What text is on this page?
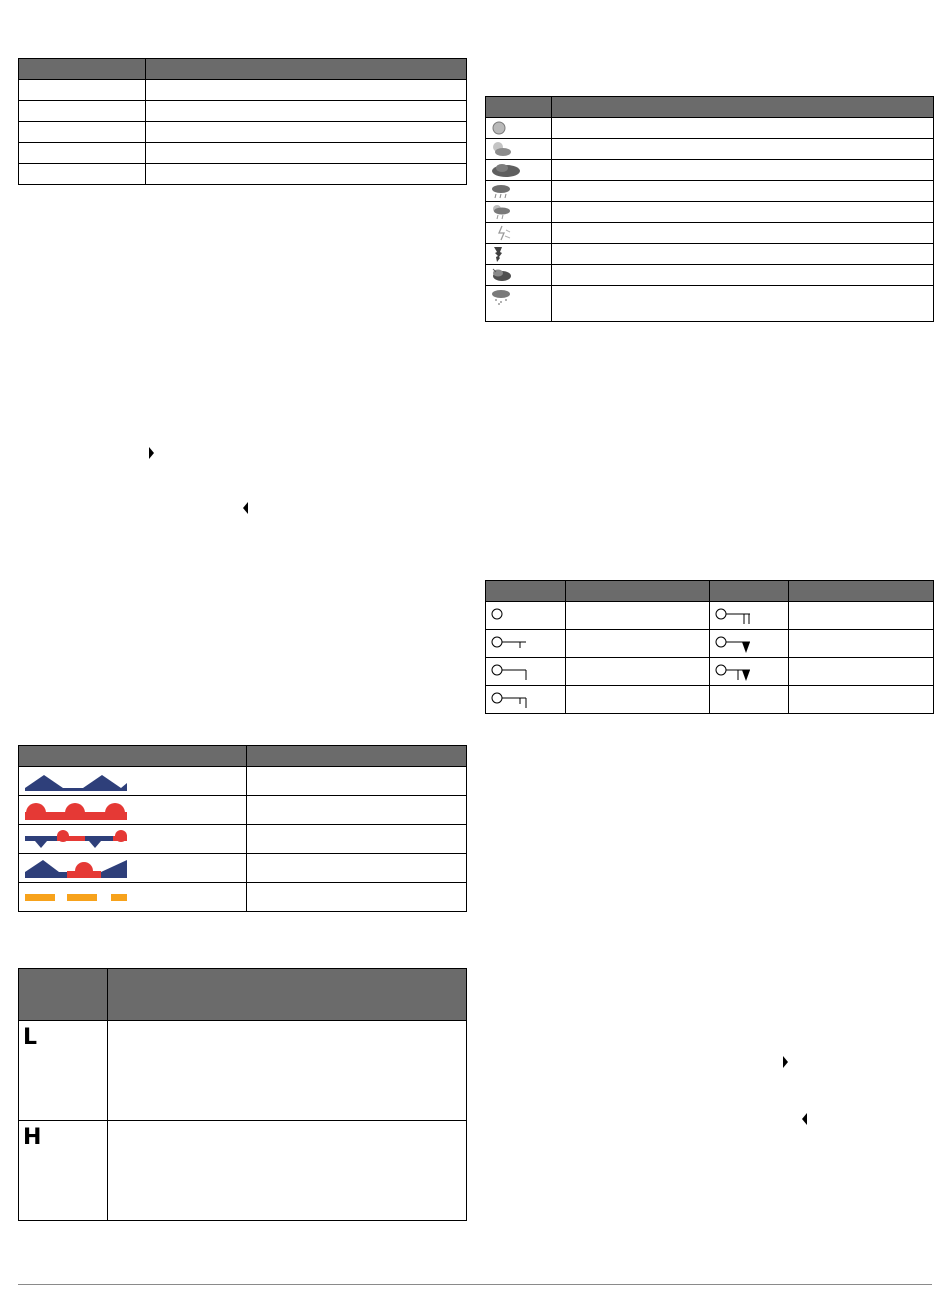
L	
H	
